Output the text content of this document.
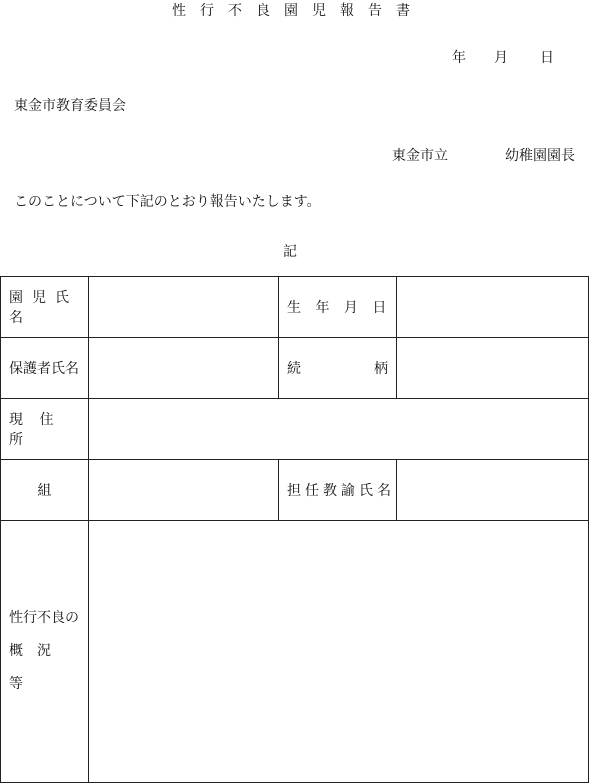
性行不良園児報告書
年 月 日
東金市教育委員会
東金市立	幼稚園園長
このことについて下記のとおり報告いたします。
記
園児氏名		生 年 月 日	
保護者氏名		続 柄	

現 住 所			
組		担任教諭氏名	

性行不良の
概況等			
